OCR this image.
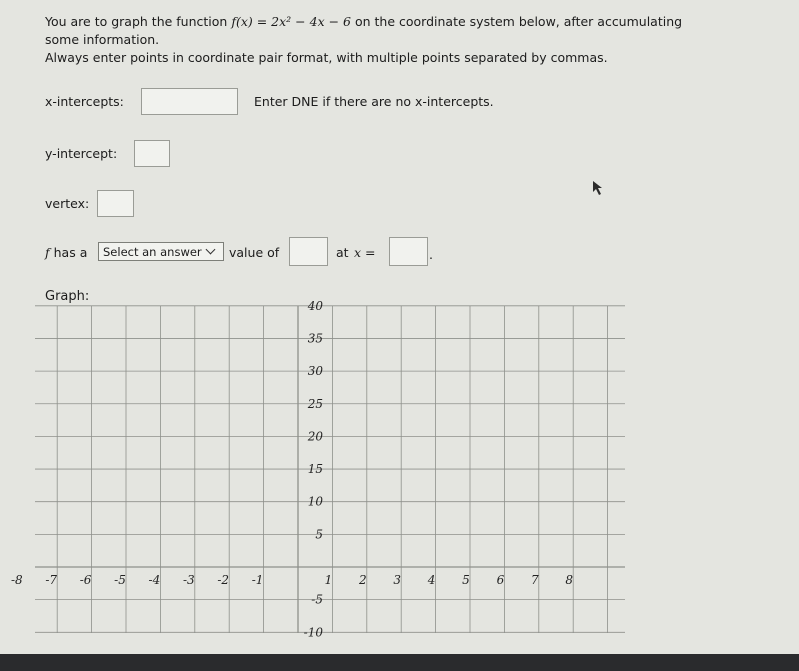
You are to graph the function f(x) = 2x² − 4x − 6 on the coordinate system below, after accumulating
some information.
Always enter points in coordinate pair format, with multiple points separated by commas.
x-intercepts:	Enter DNE if there are no x-intercepts.
y-intercept:
vertex:
f has a Select an answer value of	at x =	.
Graph:
-8 -7 -6 -5 -4 -3 -2 -1	1 2 3 4 5 6 7 8
40
35
30
25
20
15
10
5
-5
-10
